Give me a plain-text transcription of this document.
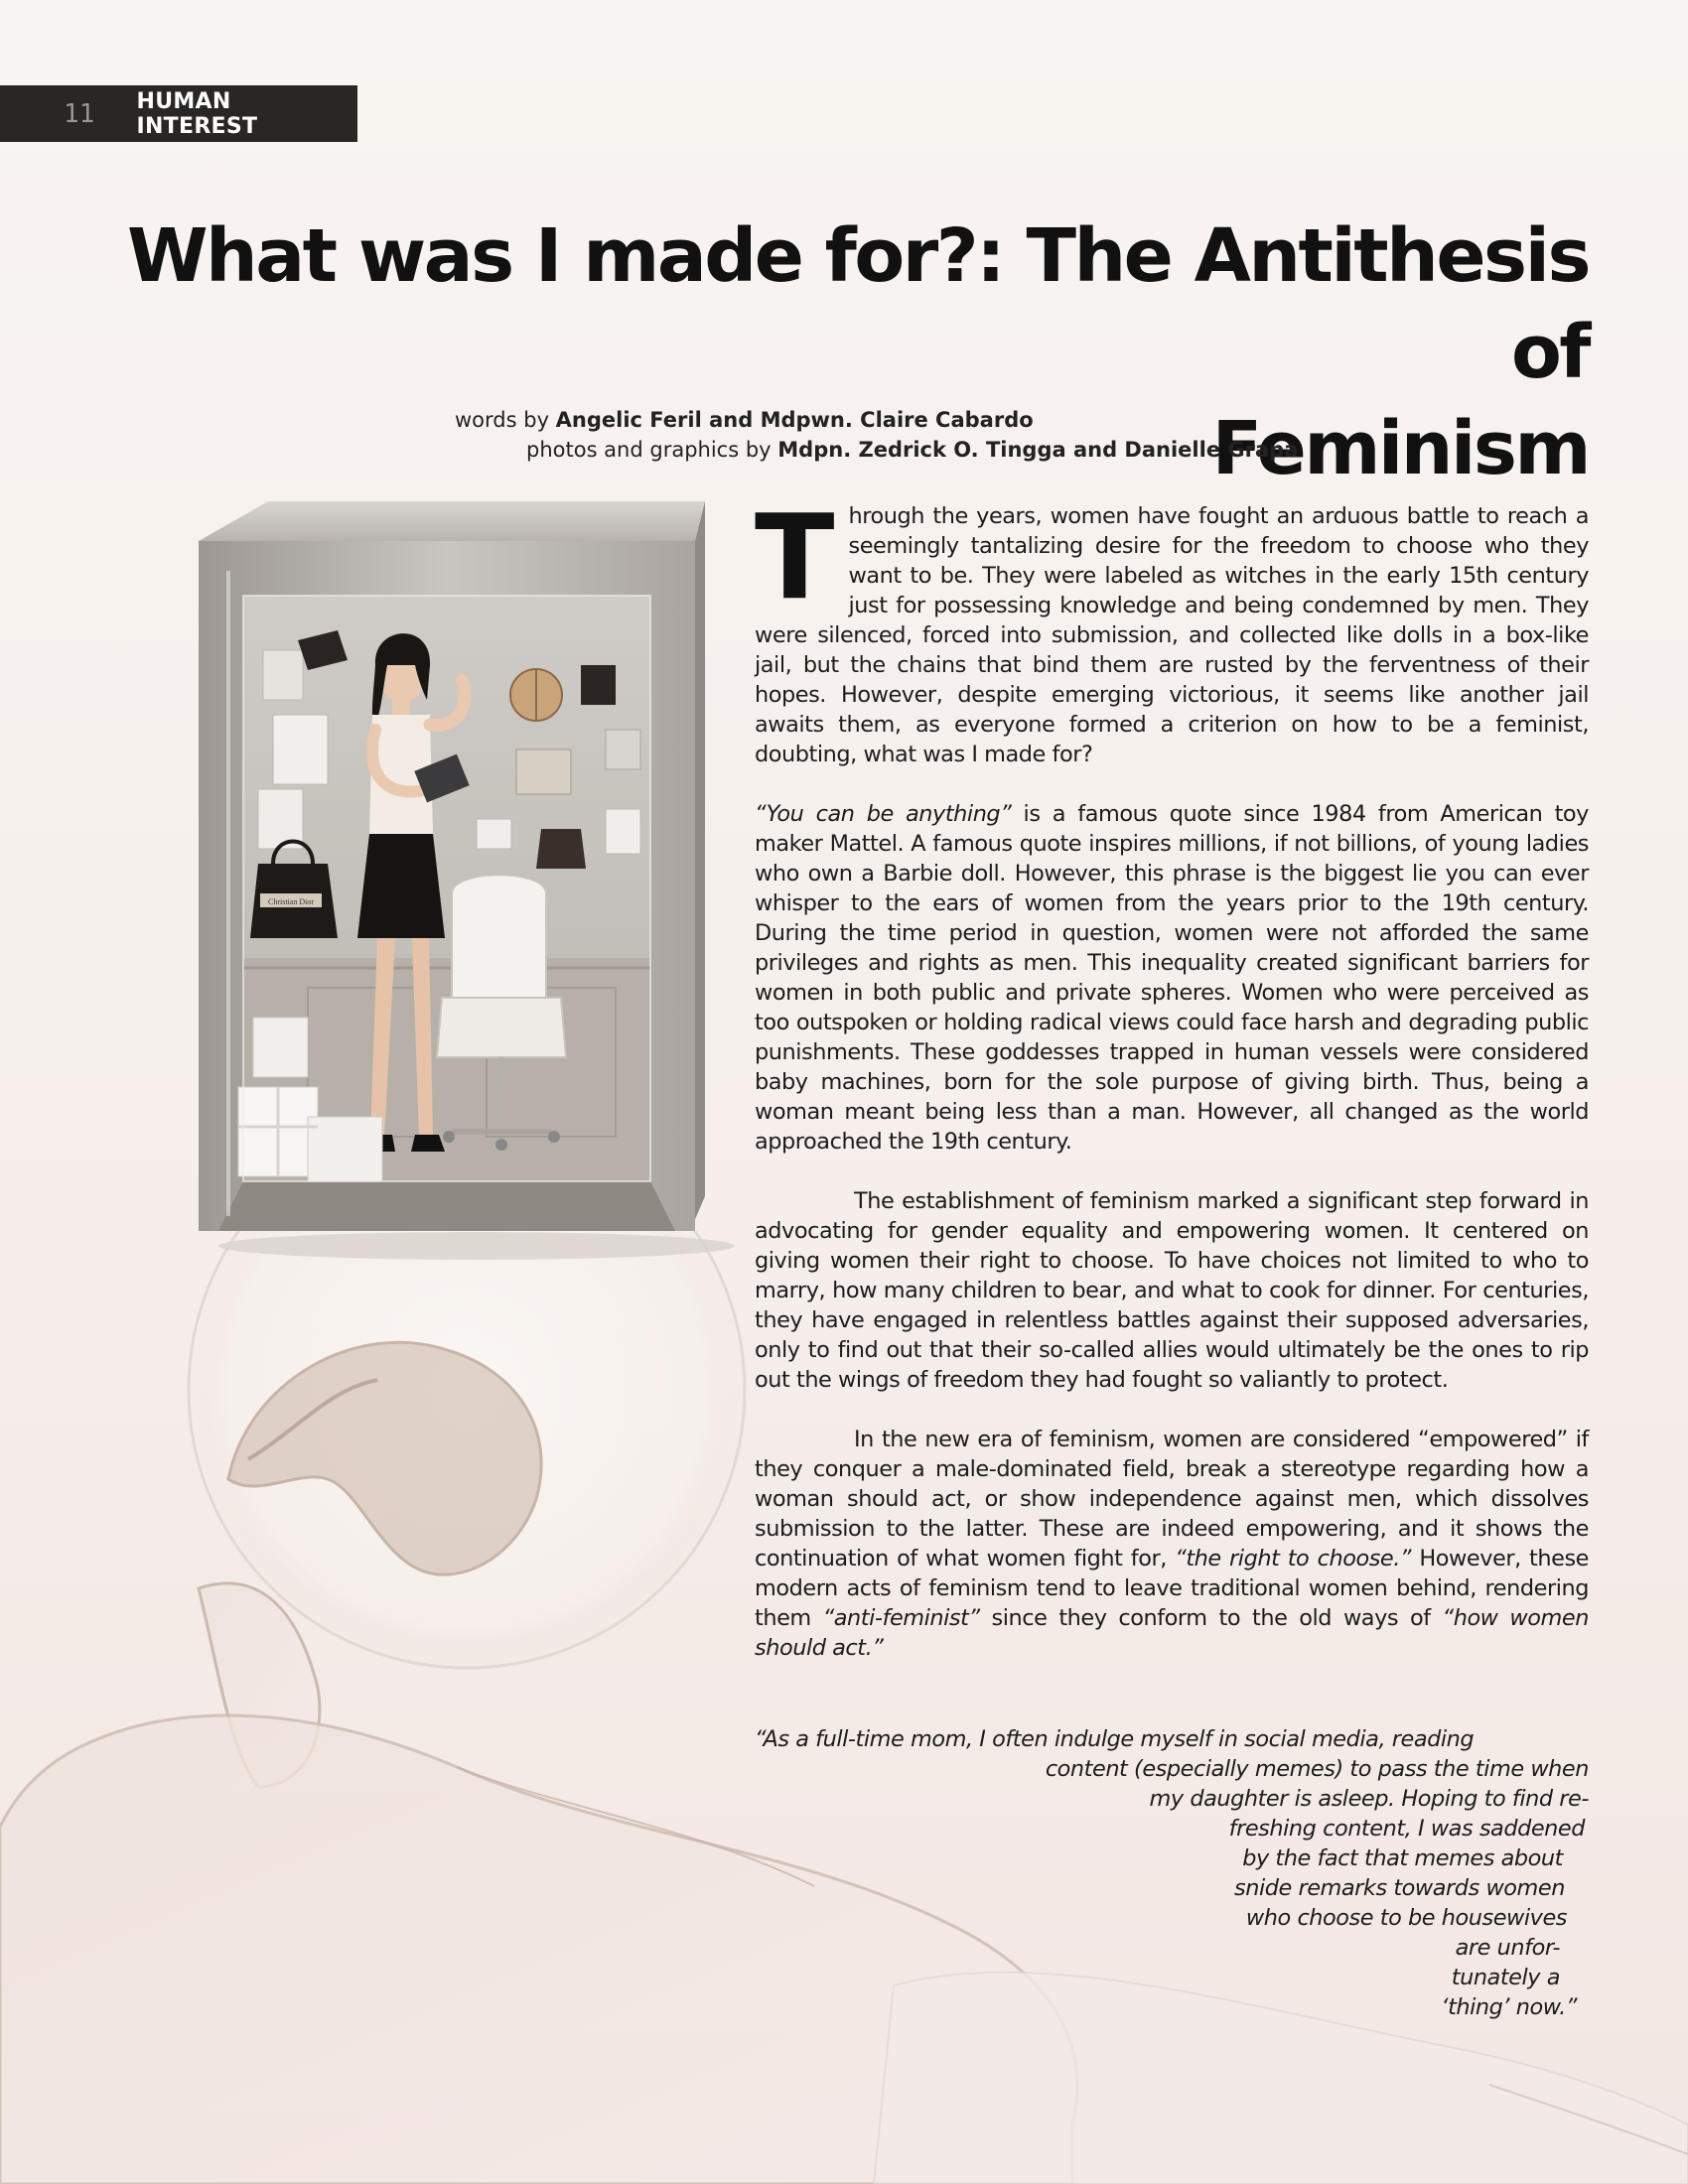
11	HUMAN INTEREST
What was I made for?: The Antithesis of
Feminism
words by Angelic Feril and Mdpwn. Claire Cabardo
photos and graphics by Mdpn. Zedrick O. Tingga and Danielle Grapa
Christian Dior

Through the years, women have fought an arduous battle to reach a seemingly tantalizing desire for the freedom to choose who they want to be. They were labeled as witches in the early 15th century just for possessing knowledge and being condemned by men. They were silenced, forced into submission, and collected like dolls in a box-like jail, but the chains that bind them are rusted by the ferventness of their hopes. However, despite emerging victorious, it seems like another jail awaits them, as everyone formed a criterion on how to be a feminist, doubting, what was I made for?

“You can be anything” is a famous quote since 1984 from American toy maker Mattel. A famous quote inspires millions, if not billions, of young ladies who own a Barbie doll. However, this phrase is the biggest lie you can ever whisper to the ears of women from the years prior to the 19th century. During the time period in question, women were not afforded the same privileges and rights as men. This inequality created significant barriers for women in both public and private spheres. Women who were perceived as too outspoken or holding radical views could face harsh and degrading public punishments. These goddesses trapped in human vessels were considered baby machines, born for the sole purpose of giving birth. Thus, being a woman meant being less than a man. However, all changed as the world approached the 19th century.

The establishment of feminism marked a significant step forward in advocating for gender equality and empowering women. It centered on giving women their right to choose. To have choices not limited to who to marry, how many children to bear, and what to cook for dinner. For centuries, they have engaged in relentless battles against their supposed adversaries, only to find out that their so-called allies would ultimately be the ones to rip out the wings of freedom they had fought so valiantly to protect.

In the new era of feminism, women are considered “empowered” if they conquer a male-dominated field, break a stereotype regarding how a woman should act, or show independence against men, which dissolves submission to the latter. These are indeed empowering, and it shows the continuation of what women fight for, “the right to choose.” However, these modern acts of feminism tend to leave traditional women behind, rendering them “anti-feminist” since they conform to the old ways of “how women should act.”

“As a full-time mom, I often indulge myself in social media, reading
content (especially memes) to pass the time when
my daughter is asleep. Hoping to find re-
freshing content, I was saddened
by the fact that memes about
snide remarks towards women
who choose to be housewives
are unfor-
tunately a
‘thing’ now.”
